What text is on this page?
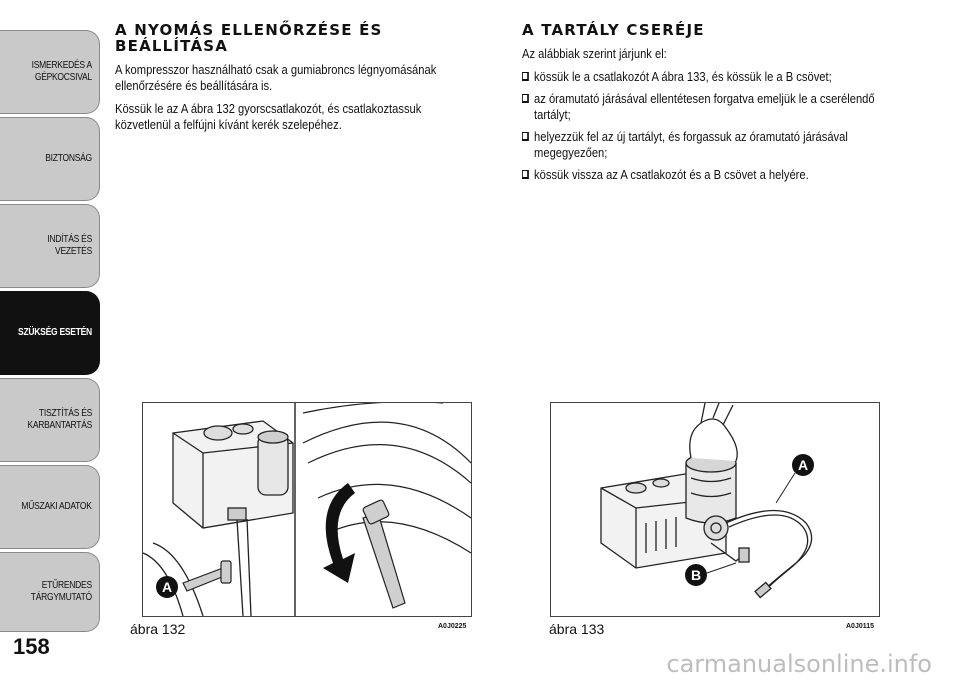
ISMERKEDÉS A
GÉPKOCSIVAL
BIZTONSÁG
INDÍTÁS ÉS VEZETÉS
SZÜKSÉG ESETÉN
TISZTÍTÁS ÉS
KARBANTARTÁS
MŰSZAKI ADATOK
ETŰRENDES
TÁRGYMUTATÓ
158
A NYOMÁS ELLENŐRZÉSE ÉS
BEÁLLÍTÁSA

A kompresszor használható csak a gumiabroncs légnyomásának ellenőrzésére és beállítására is.

Kössük le az A ábra 132 gyorscsatlakozót, és csatlakoztassuk közvetlenül a felfújni kívánt kerék szelepéhez.

A TARTÁLY CSERÉJE

Az alábbiak szerint járjunk el:

kössük le a csatlakozót A ábra 133, és kössük le a B csövet;
az óramutató járásával ellentétesen forgatva emeljük le a cserélendő tartályt;
helyezzük fel az új tartályt, és forgassuk az óramutató járásával megegyezően;
kössük vissza az A csatlakozót és a B csövet a helyére.
A
ábra 132	A0J0225
A
B
ábra 133	A0J0115
carmanualsonline.info
